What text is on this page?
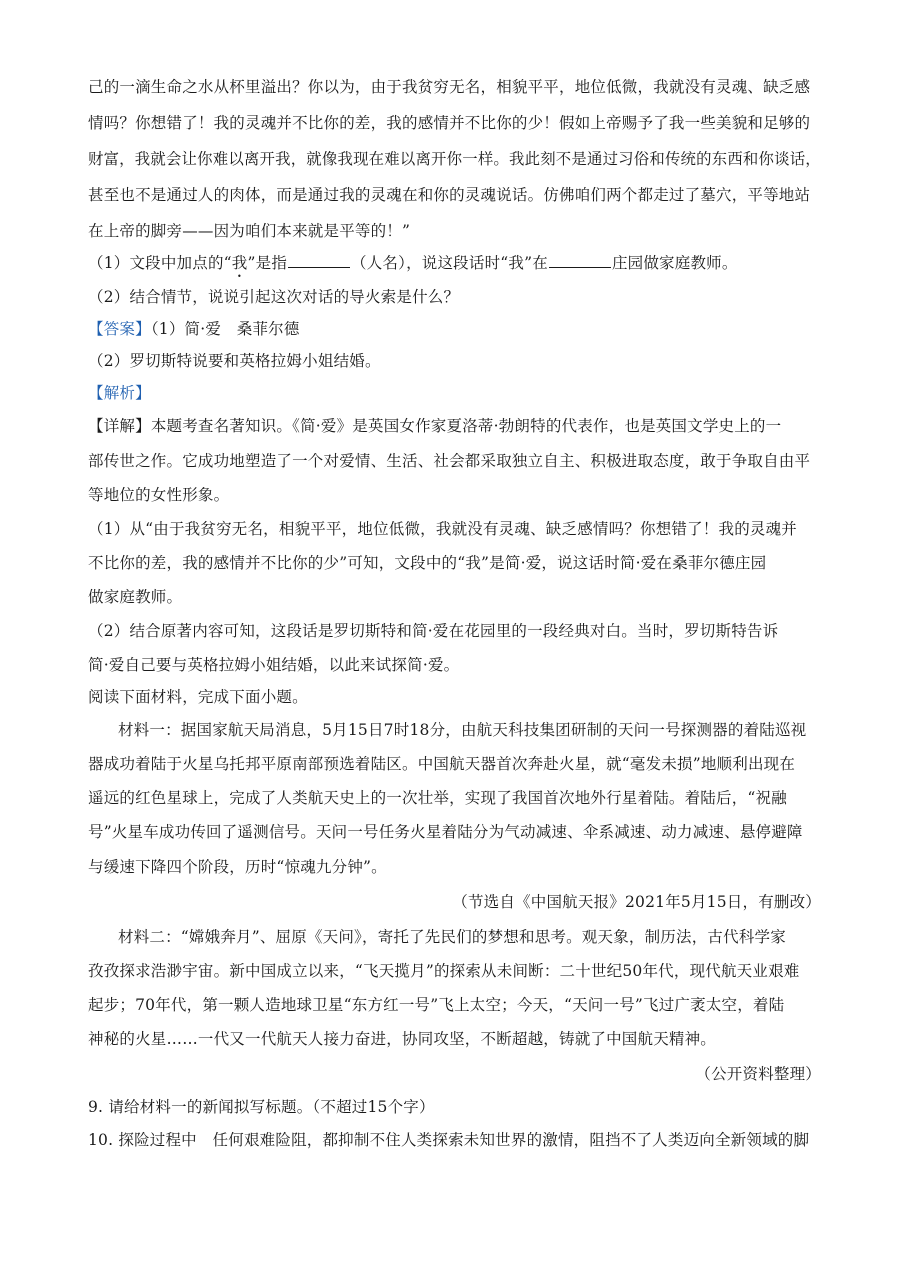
己的一滴生命之水从杯里溢出？你以为，由于我贫穷无名，相貌平平，地位低微，我就没有灵魂、缺乏感
情吗？你想错了！我的灵魂并不比你的差，我的感情并不比你的少！假如上帝赐予了我一些美貌和足够的
财富，我就会让你难以离开我，就像我现在难以离开你一样。我此刻不是通过习俗和传统的东西和你谈话，
甚至也不是通过人的肉体，而是通过我的灵魂在和你的灵魂说话。仿佛咱们两个都走过了墓穴，平等地站
在上帝的脚旁——因为咱们本来就是平等的！”
（1）文段中加点的“我”是指	（人名），说这段话时“我”在	庄园做家庭教师。
（2）结合情节，说说引起这次对话的导火索是什么？
【答案】（1）简·爱　桑菲尔德
（2）罗切斯特说要和英格拉姆小姐结婚。
【解析】
【详解】本题考查名著知识。《简·爱》是英国女作家夏洛蒂·勃朗特的代表作，也是英国文学史上的一
部传世之作。它成功地塑造了一个对爱情、生活、社会都采取独立自主、积极进取态度，敢于争取自由平
等地位的女性形象。
（1）从“由于我贫穷无名，相貌平平，地位低微，我就没有灵魂、缺乏感情吗？你想错了！我的灵魂并
不比你的差，我的感情并不比你的少”可知，文段中的“我”是简·爱，说这话时简·爱在桑菲尔德庄园
做家庭教师。
（2）结合原著内容可知，这段话是罗切斯特和简·爱在花园里的一段经典对白。当时，罗切斯特告诉
简·爱自己要与英格拉姆小姐结婚，以此来试探简·爱。
阅读下面材料，完成下面小题。
材料一：据国家航天局消息，5月15日7时18分，由航天科技集团研制的天问一号探测器的着陆巡视
器成功着陆于火星乌托邦平原南部预选着陆区。中国航天器首次奔赴火星，就“毫发未损”地顺利出现在
遥远的红色星球上，完成了人类航天史上的一次壮举，实现了我国首次地外行星着陆。着陆后，“祝融
号”火星车成功传回了遥测信号。天问一号任务火星着陆分为气动减速、伞系减速、动力减速、悬停避障
与缓速下降四个阶段，历时“惊魂九分钟”。
（节选自《中国航天报》2021年5月15日，有删改）
材料二：“嫦娥奔月”、屈原《天问》，寄托了先民们的梦想和思考。观天象，制历法，古代科学家
孜孜探求浩渺宇宙。新中国成立以来，“飞天揽月”的探索从未间断：二十世纪50年代，现代航天业艰难
起步；70年代，第一颗人造地球卫星“东方红一号”飞上太空；今天，“天问一号”飞过广袤太空，着陆
神秘的火星……一代又一代航天人接力奋进，协同攻坚，不断超越，铸就了中国航天精神。
（公开资料整理）
9. 请给材料一的新闻拟写标题。（不超过15个字）
10. 探险过程中　任何艰难险阻，都抑制不住人类探索未知世界的激情，阻挡不了人类迈向全新领域的脚
